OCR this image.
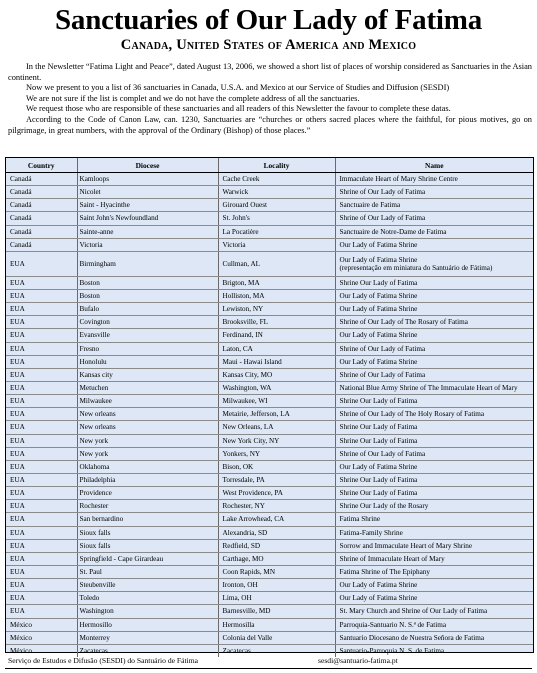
Sanctuaries of Our Lady of Fatima
Canada, United States of America and Mexico

In the Newsletter “Fatima Light and Peace”, dated August 13, 2006, we showed a short list of places of worship considered as Sanctuaries in the Asian continent.

Now we present to you a list of 36 sanctuaries in Canada, U.S.A. and Mexico at our Service of Studies and Diffusion (SESDI)

We are not sure if the list is complet and we do not have the complete address of all the sanctuaries.

We request those who are responsible of these sanctuaries and all readers of this Newsletter the favour to complete these datas.

According to the Code of Canon Law, can. 1230, Sanctuaries are “churches or others sacred places where the faithful, for pious motives, go on pilgrimage, in great numbers, with the approval of the Ordinary (Bishop) of those places.”

Country	Diocese	Locality	Name
Canadá	Kamloops	Cache Creek	Immaculate Heart of Mary Shrine Centre
Canadá	Nicolet	Warwick	Shrine of Our Lady of Fatima
Canadá	Saint - Hyacinthe	Girouard Ouest	Sanctuaire de Fatima
Canadá	Saint John's Newfoundland	St. John's	Shrine of Our Lady of Fatima
Canadá	Sainte-anne	La Pocatière	Sanctuaire de Notre-Dame de Fatima
Canadá	Victoria	Victoria	Our Lady of Fatima Shrine
EUA	Birmingham	Cullman, AL	Our Lady of Fatima Shrine
(representação em miniatura do Santuário de Fátima)

EUA	Boston	Brigton, MA	Shrine Our Lady of Fatima
EUA	Boston	Holliston, MA	Our Lady of Fatima Shrine
EUA	Bufalo	Lewiston, NY	Our Lady of Fatima Shrine
EUA	Covington	Brooksville, FL	Shrine of Our Lady of The Rosary of Fatima
EUA	Evansville	Ferdinand, IN	Our Lady of Fatima Shrine
EUA	Fresno	Laton, CA	Shrine of Our Lady of Fatima
EUA	Honolulu	Maui - Hawai Island	Our Lady of Fatima Shrine
EUA	Kansas city	Kansas City, MO	Shrine of Our Lady of Fatima
EUA	Metuchen	Washington, WA	National Blue Army Shrine of The Immaculate Heart of Mary
EUA	Milwaukee	Milwaukee, WI	Shrine Our Lady of Fatima
EUA	New orleans	Metairie, Jefferson, LA	Shrine of Our Lady of The Holy Rosary of Fatima
EUA	New orleans	New Orleans, LA	Shrine Our Lady of Fatima
EUA	New york	New York City, NY	Shrine Our Lady of Fatima
EUA	New york	Yonkers, NY	Shrine of Our Lady of Fatima
EUA	Oklahoma	Bison, OK	Our Lady of Fatima Shrine
EUA	Philadelphia	Torresdale, PA	Shrine Our Lady of Fatima
EUA	Providence	West Providence, PA	Shrine Our Lady of Fatima
EUA	Rochester	Rochester, NY	Shrine Our Lady of the Rosary
EUA	San bernardino	Lake Arrowhead, CA	Fatima Shrine
EUA	Sioux falls	Alexandria, SD	Fatima-Family Shrine
EUA	Sioux falls	Redfield, SD	Sorrow and Immaculate Heart of Mary Shrine
EUA	Springfield - Cape Girardeau	Carthage, MO	Shrine of Immaculate Heart of Mary
EUA	St. Paul	Coon Rapids, MN	Fatima Shrine of The Epiphany
EUA	Steubenville	Ironton, OH	Our Lady of Fatima Shrine
EUA	Toledo	Lima, OH	Our Lady of Fatima Shrine
EUA	Washington	Barnesville, MD	St. Mary Church and Shrine of Our Lady of Fatima
México	Hermosillo	Hermosilla	Parroquia-Santuario N. S.ª de Fatima
México	Monterrey	Colonia del Valle	Santuario Diocesano de Nuestra Señora de Fatima
México	Zacatecas	Zacatecas	Santuario-Parroquia N. S. de Fatima
Serviço de Estudos e Difusão (SESDI) do Santuário de Fátima	sesdi@santuario-fatima.pt
